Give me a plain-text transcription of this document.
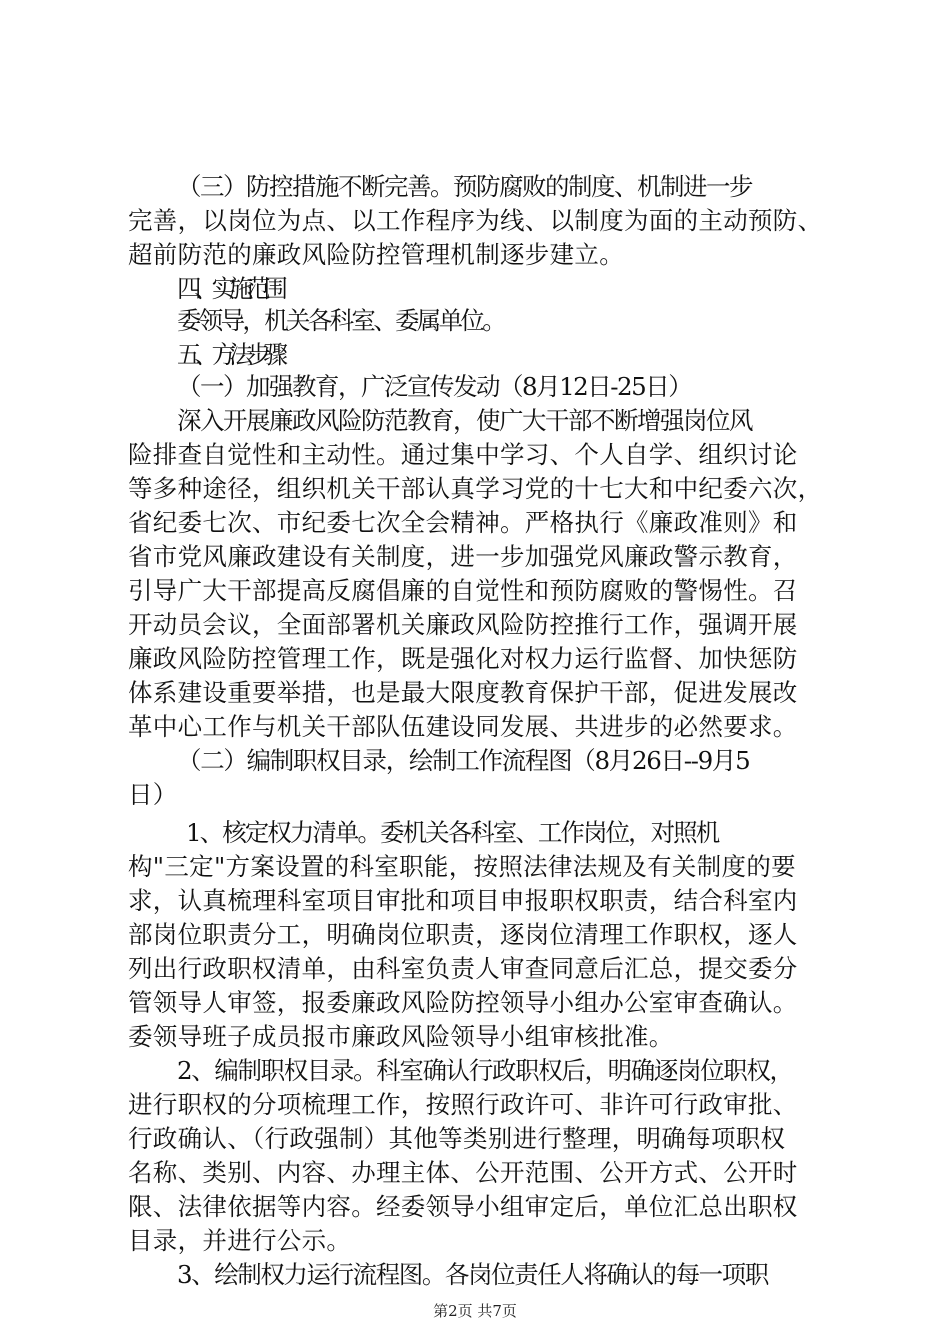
（三）防控措施不断完善。预防腐败的制度、机制进一步
完善，以岗位为点、以工作程序为线、以制度为面的主动预防、
超前防范的廉政风险防控管理机制逐步建立。
四、实施范围
委领导，机关各科室、委属单位。
五、方法步骤
（一）加强教育，广泛宣传发动（8月12日-25日）
深入开展廉政风险防范教育，使广大干部不断增强岗位风
险排查自觉性和主动性。通过集中学习、个人自学、组织讨论
等多种途径，组织机关干部认真学习党的十七大和中纪委六次，
省纪委七次、市纪委七次全会精神。严格执行《廉政准则》和
省市党风廉政建设有关制度，进一步加强党风廉政警示教育，
引导广大干部提高反腐倡廉的自觉性和预防腐败的警惕性。召
开动员会议，全面部署机关廉政风险防控推行工作，强调开展
廉政风险防控管理工作，既是强化对权力运行监督、加快惩防
体系建设重要举措，也是最大限度教育保护干部，促进发展改
革中心工作与机关干部队伍建设同发展、共进步的必然要求。
（二）编制职权目录，绘制工作流程图（8月26日--9月5
日）
1、核定权力清单。委机关各科室、工作岗位，对照机
构"三定"方案设置的科室职能，按照法律法规及有关制度的要
求，认真梳理科室项目审批和项目申报职权职责，结合科室内
部岗位职责分工，明确岗位职责，逐岗位清理工作职权，逐人
列出行政职权清单，由科室负责人审查同意后汇总，提交委分
管领导人审签，报委廉政风险防控领导小组办公室审查确认。
委领导班子成员报市廉政风险领导小组审核批准。
2、编制职权目录。科室确认行政职权后，明确逐岗位职权，
进行职权的分项梳理工作，按照行政许可、非许可行政审批、
行政确认、（行政强制）其他等类别进行整理，明确每项职权
名称、类别、内容、办理主体、公开范围、公开方式、公开时
限、法律依据等内容。经委领导小组审定后，单位汇总出职权
目录，并进行公示。
3、绘制权力运行流程图。各岗位责任人将确认的每一项职
第2页 共7页
